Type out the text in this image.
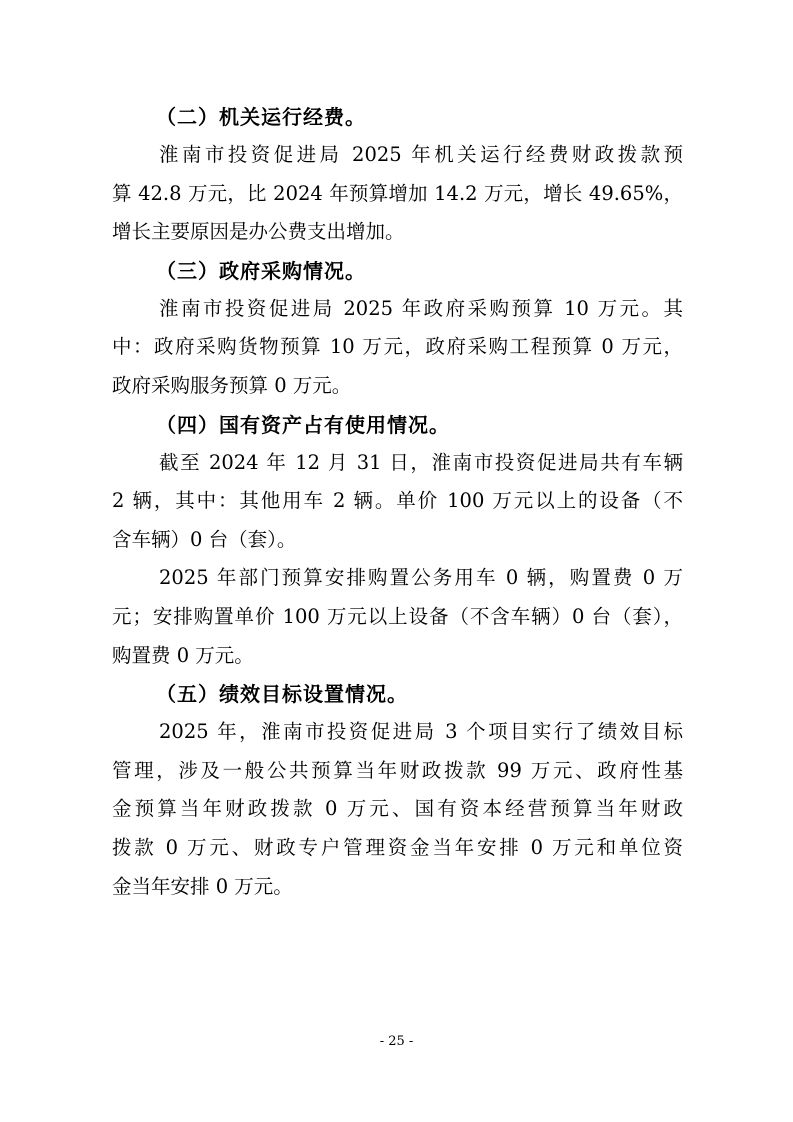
（二）机关运行经费。
淮南市投资促进局 2025 年机关运行经费财政拨款预
算 42.8 万元，比 2024 年预算增加 14.2 万元，增长 49.65%，
增长主要原因是办公费支出增加。
（三）政府采购情况。
淮南市投资促进局 2025 年政府采购预算 10 万元。其
中：政府采购货物预算 10 万元，政府采购工程预算 0 万元，
政府采购服务预算 0 万元。
（四）国有资产占有使用情况。
截至 2024 年 12 月 31 日，淮南市投资促进局共有车辆
2 辆，其中：其他用车 2 辆。单价 100 万元以上的设备（不
含车辆）0 台（套）。
2025 年部门预算安排购置公务用车 0 辆，购置费 0 万
元；安排购置单价 100 万元以上设备（不含车辆）0 台（套），
购置费 0 万元。
（五）绩效目标设置情况。
2025 年，淮南市投资促进局 3 个项目实行了绩效目标
管理，涉及一般公共预算当年财政拨款 99 万元、政府性基
金预算当年财政拨款 0 万元、国有资本经营预算当年财政
拨款 0 万元、财政专户管理资金当年安排 0 万元和单位资
金当年安排 0 万元。
- 25 -
